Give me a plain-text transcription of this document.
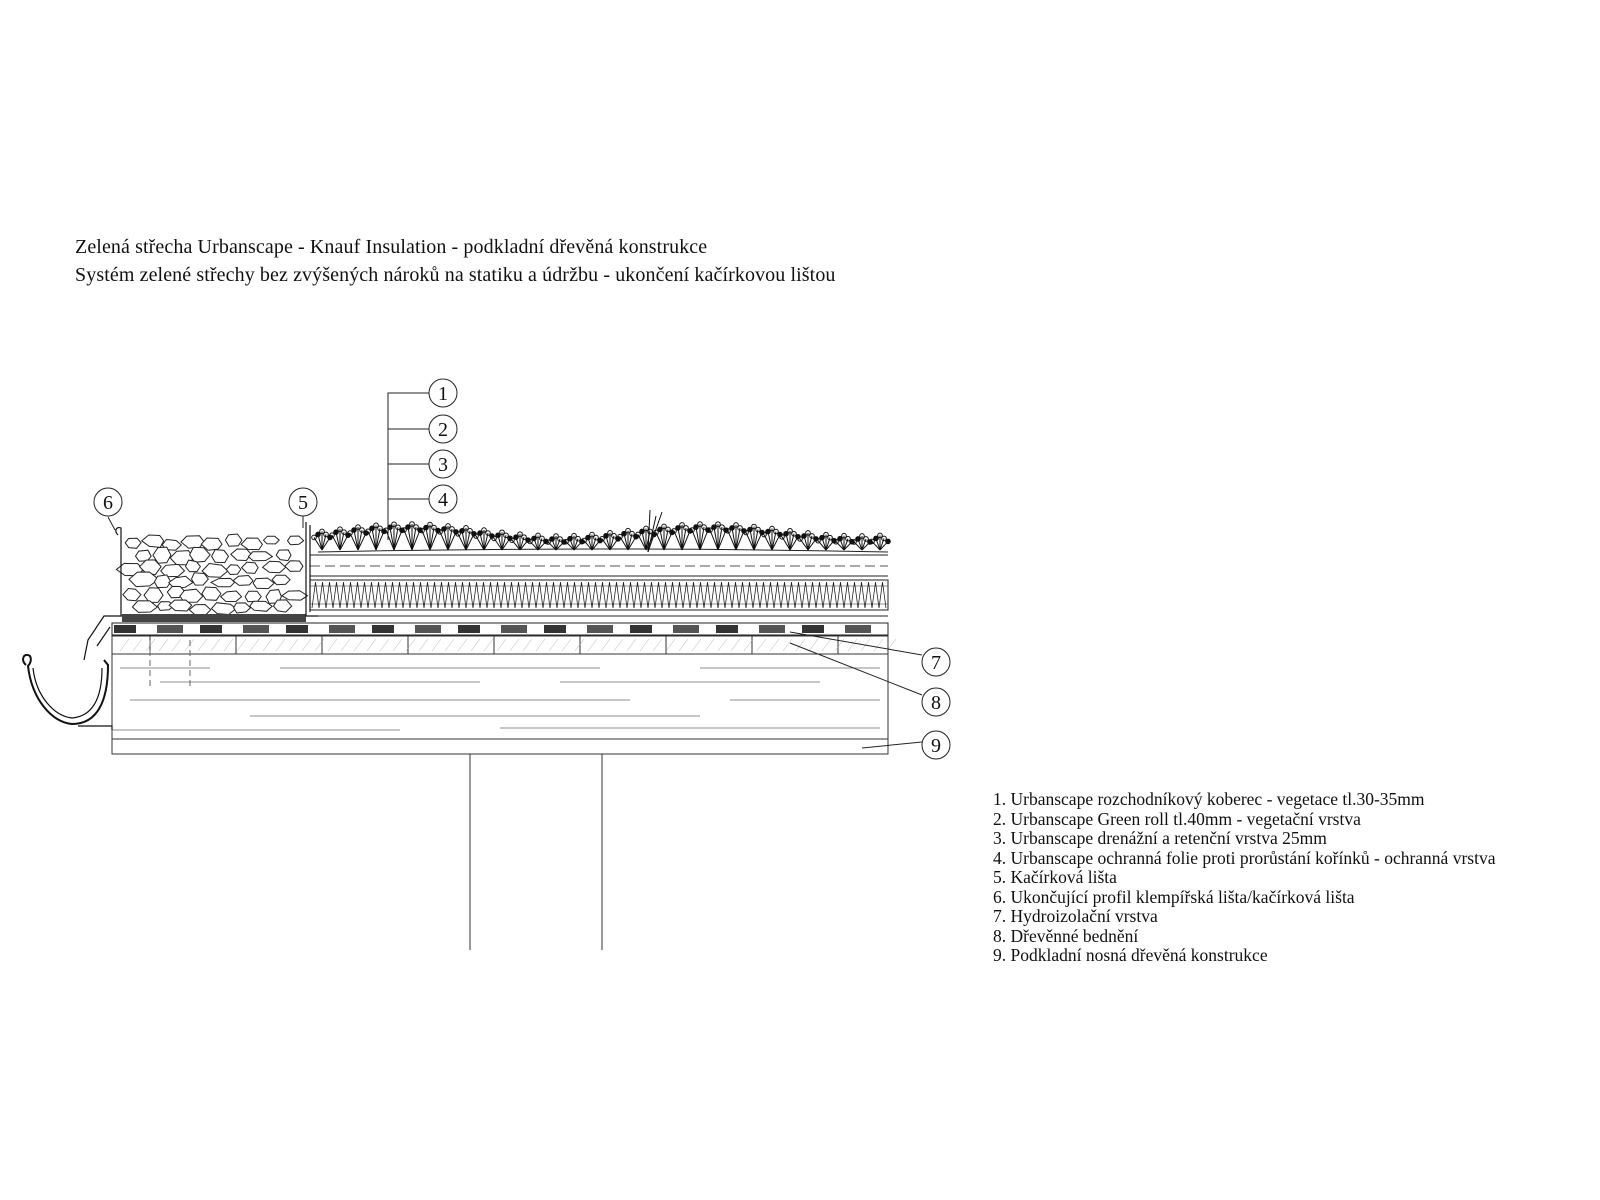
Zelená střecha Urbanscape - Knauf Insulation - podkladní dřevěná konstrukce
Systém zelené střechy bez zvýšených nároků na statiku a údržbu - ukončení kačírkovou lištou
1
2
3
4
5
6
7
8
9
1. Urbanscape rozchodníkový koberec - vegetace tl.30-35mm
2. Urbanscape Green roll tl.40mm - vegetační vrstva
3. Urbanscape drenážní a retenční vrstva 25mm
4. Urbanscape ochranná folie proti prorůstání kořínků - ochranná vrstva
5. Kačírková lišta
6. Ukončující profil klempířská lišta/kačírková lišta
7. Hydroizolační vrstva
8. Dřevěnné bednění
9. Podkladní nosná dřevěná konstrukce
